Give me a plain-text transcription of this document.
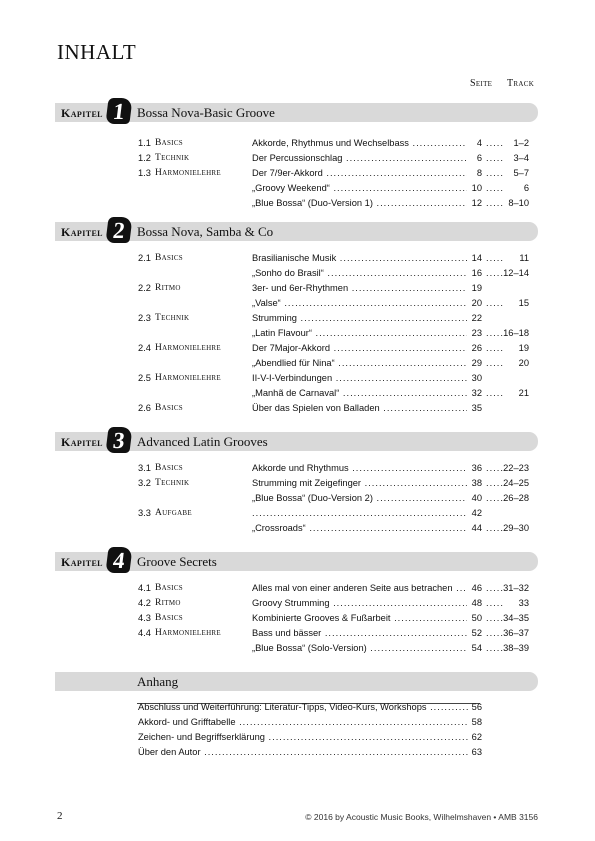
INHALT
Seite Track
Kapitel 1 Bossa Nova-Basic Groove
1.1 Basics	Akkorde, Rhythmus und Wechselbass .....	4 .....	1–2
1.2 Technik	Der Percussionschlag .....	6 .....	3–4
1.3 Harmonielehre	Der 7/9er-Akkord .....	8 .....	5–7
„Groovy Weekend“ .....	10 .....	6
„Blue Bossa“ (Duo-Version 1) .....	12 ..... 8–10
Kapitel 2 Bossa Nova, Samba & Co
2.1 Basics	Brasilianische Musik .....	14 .....	11
„Sonho do Brasil“ .....	16 ..... 12–14
2.2 Ritmo	3er- und 6er-Rhythmen .....	19
„Valse“ .....	20 .....	15
2.3 Technik	Strumming .....	22
„Latin Flavour“ .....	23 ..... 16–18
2.4 Harmonielehre	Der 7Major-Akkord .....	26 .....	19
„Abendlied für Nina“ .....	29 .....	20
2.5 Harmonielehre	II-V-I-Verbindungen .....	30
„Manhã de Carnaval“ .....	32 .....	21
2.6 Basics	Über das Spielen von Balladen .....	35
Kapitel 3 Advanced Latin Grooves
3.1 Basics	Akkorde und Rhythmus .....	36 ..... 22–23
3.2 Technik	Strumming mit Zeigefinger .....	38 ..... 24–25
„Blue Bossa“ (Duo-Version 2) .....	40 ..... 26–28
3.3 Aufgabe .....	42
„Crossroads“ .....	44 ..... 29–30
Kapitel 4 Groove Secrets
4.1 Basics	Alles mal von einer anderen Seite aus betrachen .....	46 ..... 31–32
4.2 Ritmo	Groovy Strumming .....	48 .....	33
4.3 Basics	Kombinierte Grooves & Fußarbeit .....	50 ..... 34–35
4.4 Harmonielehre	Bass und bässer .....	52 ..... 36–37
„Blue Bossa“ (Solo-Version) .....	54 ..... 38–39
Anhang
Abschluss und Weiterführung: Literatur-Tipps, Video-Kurs, Workshops .....	56
Akkord- und Grifftabelle .....	58
Zeichen- und Begriffserklärung .....	62
Über den Autor .....	63
2	© 2016 by Acoustic Music Books, Wilhelmshaven • AMB 3156
